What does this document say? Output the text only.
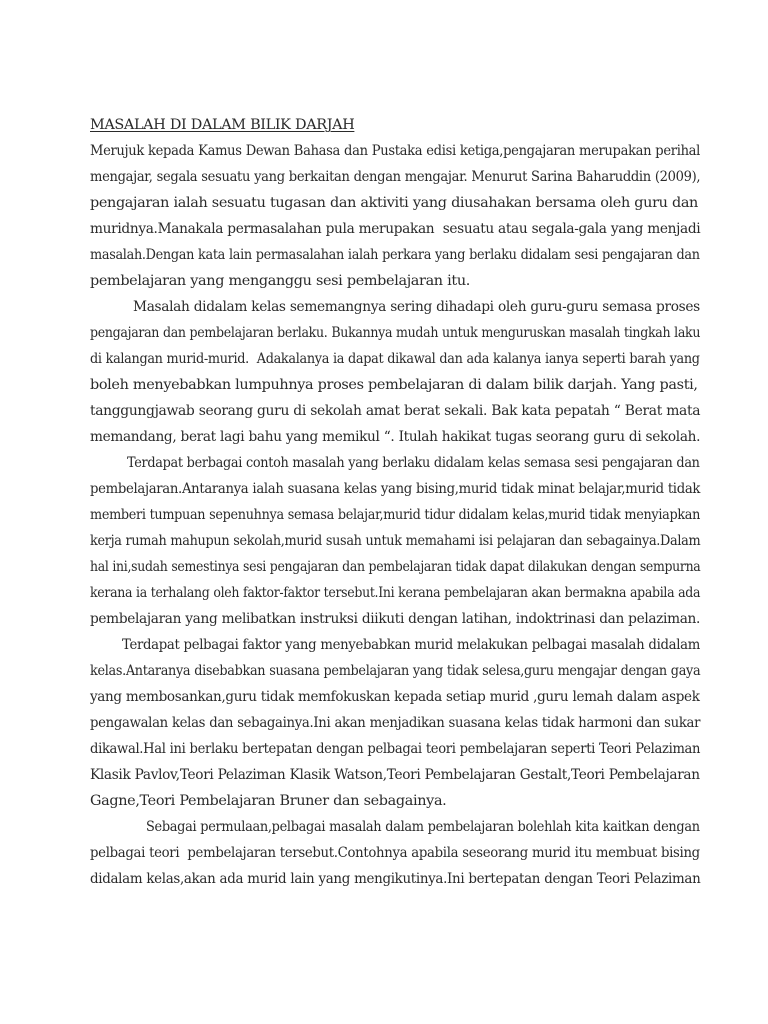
MASALAH DI DALAM BILIK DARJAH
Merujuk kepada Kamus Dewan Bahasa dan Pustaka edisi ketiga,pengajaran merupakan perihal
mengajar, segala sesuatu yang berkaitan dengan mengajar. Menurut Sarina Baharuddin (2009),
pengajaran ialah sesuatu tugasan dan aktiviti yang diusahakan bersama oleh guru dan
muridnya.Manakala permasalahan pula merupakan  sesuatu atau segala-gala yang menjadi
masalah.Dengan kata lain permasalahan ialah perkara yang berlaku didalam sesi pengajaran dan
pembelajaran yang menganggu sesi pembelajaran itu.
Masalah didalam kelas sememangnya sering dihadapi oleh guru-guru semasa proses
pengajaran dan pembelajaran berlaku. Bukannya mudah untuk menguruskan masalah tingkah laku
di kalangan murid-murid.  Adakalanya ia dapat dikawal dan ada kalanya ianya seperti barah yang
boleh menyebabkan lumpuhnya proses pembelajaran di dalam bilik darjah. Yang pasti,
tanggungjawab seorang guru di sekolah amat berat sekali. Bak kata pepatah “ Berat mata
memandang, berat lagi bahu yang memikul “. Itulah hakikat tugas seorang guru di sekolah.
Terdapat berbagai contoh masalah yang berlaku didalam kelas semasa sesi pengajaran dan
pembelajaran.Antaranya ialah suasana kelas yang bising,murid tidak minat belajar,murid tidak
memberi tumpuan sepenuhnya semasa belajar,murid tidur didalam kelas,murid tidak menyiapkan
kerja rumah mahupun sekolah,murid susah untuk memahami isi pelajaran dan sebagainya.Dalam
hal ini,sudah semestinya sesi pengajaran dan pembelajaran tidak dapat dilakukan dengan sempurna
kerana ia terhalang oleh faktor-faktor tersebut.Ini kerana pembelajaran akan bermakna apabila ada
pembelajaran yang melibatkan instruksi diikuti dengan latihan, indoktrinasi dan pelaziman.
Terdapat pelbagai faktor yang menyebabkan murid melakukan pelbagai masalah didalam
kelas.Antaranya disebabkan suasana pembelajaran yang tidak selesa,guru mengajar dengan gaya
yang membosankan,guru tidak memfokuskan kepada setiap murid ,guru lemah dalam aspek
pengawalan kelas dan sebagainya.Ini akan menjadikan suasana kelas tidak harmoni dan sukar
dikawal.Hal ini berlaku bertepatan dengan pelbagai teori pembelajaran seperti Teori Pelaziman
Klasik Pavlov,Teori Pelaziman Klasik Watson,Teori Pembelajaran Gestalt,Teori Pembelajaran
Gagne,Teori Pembelajaran Bruner dan sebagainya.
Sebagai permulaan,pelbagai masalah dalam pembelajaran bolehlah kita kaitkan dengan
pelbagai teori  pembelajaran tersebut.Contohnya apabila seseorang murid itu membuat bising
didalam kelas,akan ada murid lain yang mengikutinya.Ini bertepatan dengan Teori Pelaziman
